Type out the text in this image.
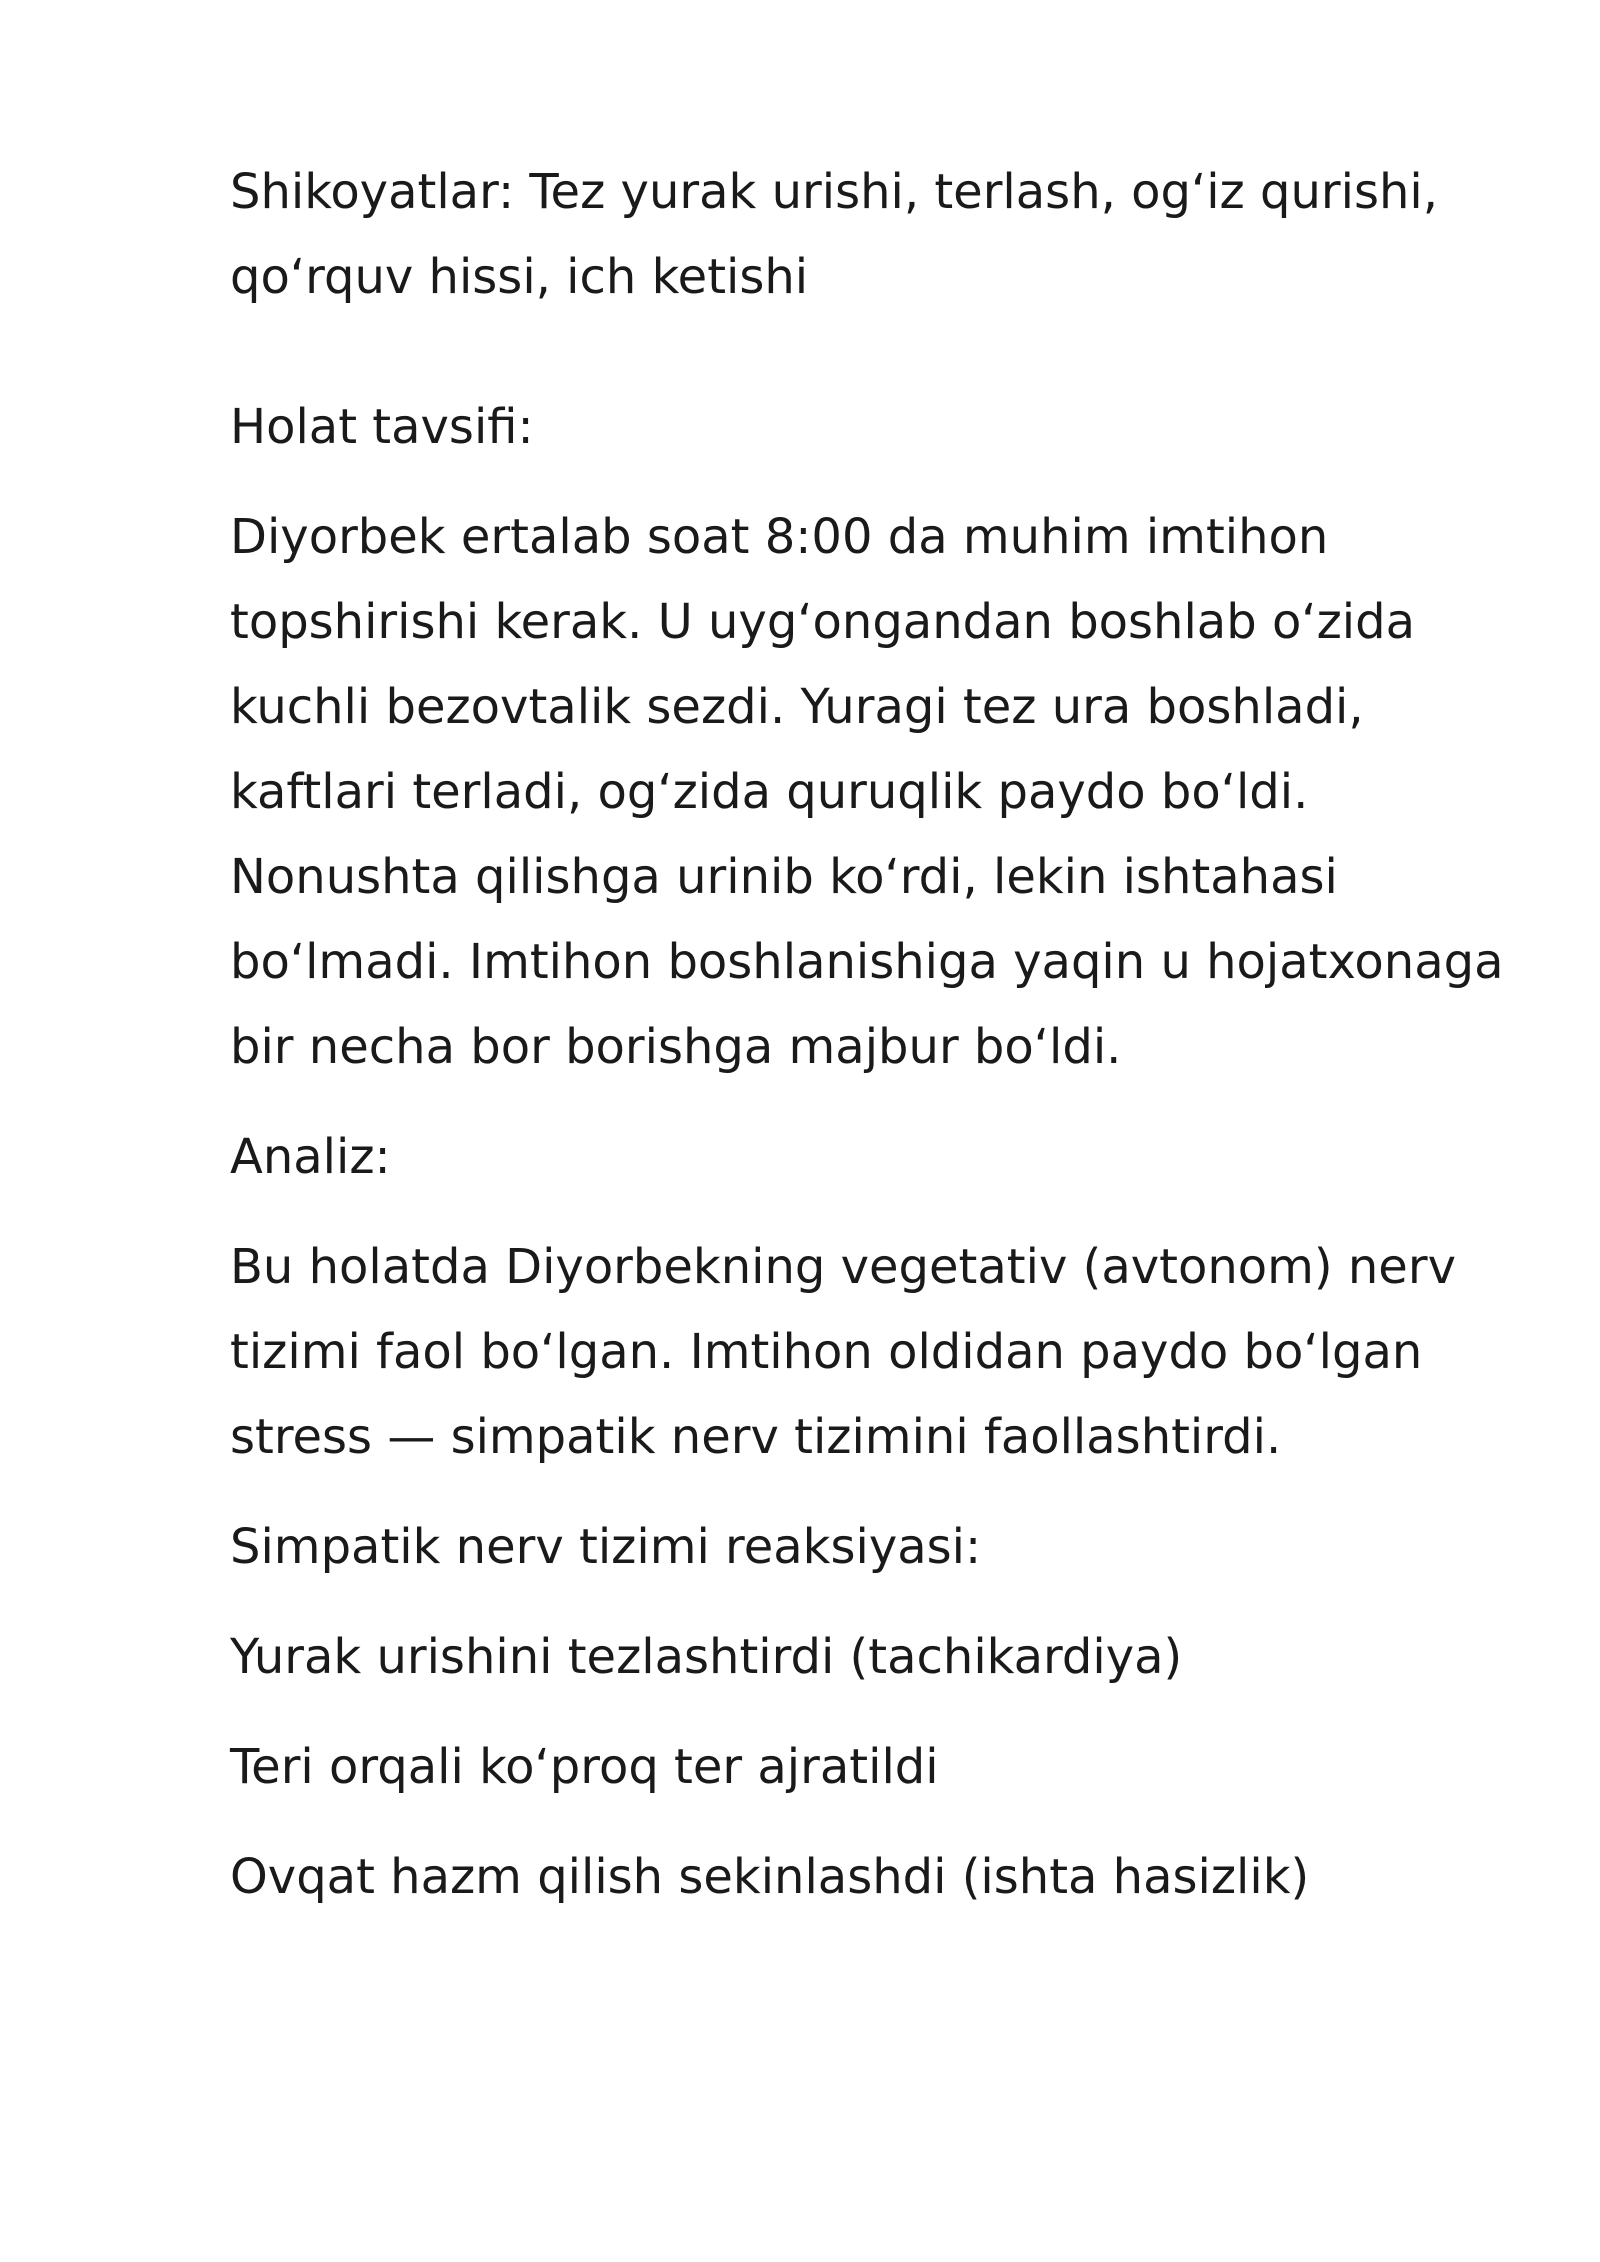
Shikoyatlar: Tez yurak urishi, terlash, og‘iz qurishi, qo‘rquv hissi, ich ketishi

Holat tavsifi:

Diyorbek ertalab soat 8:00 da muhim imtihon topshirishi kerak. U uyg‘ongandan boshlab o‘zida kuchli bezovtalik sezdi. Yuragi tez ura boshladi, kaftlari terladi, og‘zida quruqlik paydo bo‘ldi. Nonushta qilishga urinib ko‘rdi, lekin ishtahasi bo‘lmadi. Imtihon boshlanishiga yaqin u hojatxonaga bir necha bor borishga majbur bo‘ldi.

Analiz:

Bu holatda Diyorbekning vegetativ (avtonom) nerv tizimi faol bo‘lgan. Imtihon oldidan paydo bo‘lgan stress — simpatik nerv tizimini faollashtirdi.

Simpatik nerv tizimi reaksiyasi:

Yurak urishini tezlashtirdi (tachikardiya)

Teri orqali ko‘proq ter ajratildi

Ovqat hazm qilish sekinlashdi (ishta hasizlik)
